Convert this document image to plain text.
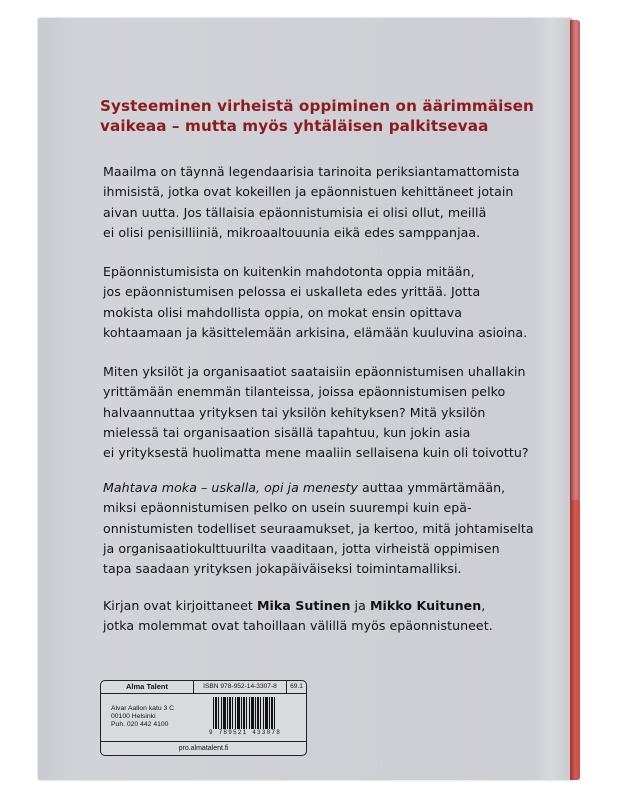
Systeeminen virheistä oppiminen on äärimmäisen
vaikeaa – mutta myös yhtäläisen palkitsevaa
Maailma on täynnä legendaarisia tarinoita periksiantamattomista
ihmisistä, jotka ovat kokeillen ja epäonnistuen kehittäneet jotain
aivan uutta. Jos tällaisia epäonnistumisia ei olisi ollut, meillä
ei olisi penisilliiniä, mikroaaltouunia eikä edes samppanjaa.
Epäonnistumisista on kuitenkin mahdotonta oppia mitään,
jos epäonnistumisen pelossa ei uskalleta edes yrittää. Jotta
mokista olisi mahdollista oppia, on mokat ensin opittava
kohtaamaan ja käsittelemään arkisina, elämään kuuluvina asioina.
Miten yksilöt ja organisaatiot saataisiin epäonnistumisen uhallakin
yrittämään enemmän tilanteissa, joissa epäonnistumisen pelko
halvaannuttaa yrityksen tai yksilön kehityksen? Mitä yksilön
mielessä tai organisaation sisällä tapahtuu, kun jokin asia
ei yrityksestä huolimatta mene maaliin sellaisena kuin oli toivottu?
Mahtava moka – uskalla, opi ja menesty auttaa ymmärtämään,
miksi epäonnistumisen pelko on usein suurempi kuin epä-
onnistumisten todelliset seuraamukset, ja kertoo, mitä johtamiselta
ja organisaatiokulttuurilta vaaditaan, jotta virheistä oppimisen
tapa saadaan yrityksen jokapäiväiseksi toimintamalliksi.
Kirjan ovat kirjoittaneet Mika Sutinen ja Mikko Kuitunen,
jotka molemmat ovat tahoillaan välillä myös epäonnistuneet.
Alma Talent	ISBN 978-952-14-3307-8	69.1
Alvar Aallon katu 3 C
00100 Helsinki
Puh. 020 442 4100
9 789521 433078
pro.almatalent.fi
